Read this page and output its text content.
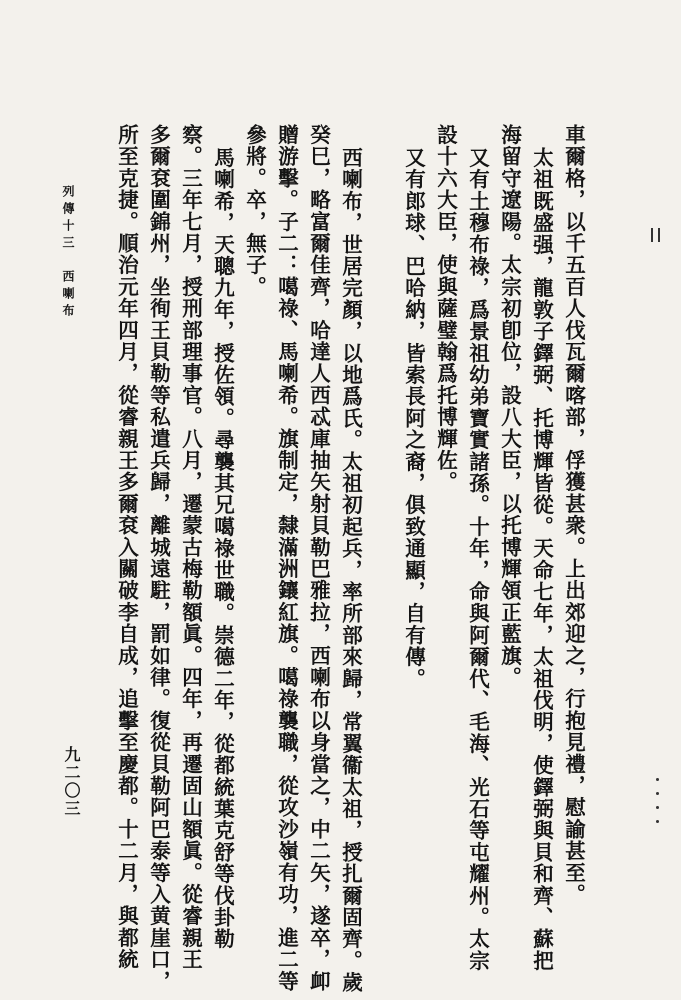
車爾格，以千五百人伐瓦爾喀部，俘獲甚衆。上出郊迎之，行抱見禮，慰諭甚至。
太祖既盛强，龍敦子鐸弼、托博輝皆從。天命七年，太祖伐明，使鐸弼與貝和齊、蘇把
海留守遼陽。太宗初卽位，設八大臣，以托博輝領正藍旗。
又有土穆布祿，爲景祖幼弟寶實諸孫。十年，命與阿爾代、毛海、光石等屯耀州。太宗
設十六大臣，使與薩璧翰爲托博輝佐。
又有郎球、巴哈納，皆索長阿之裔，俱致通顯，自有傳。
西喇布，世居完顏，以地爲氏。太祖初起兵，率所部來歸，常翼衞太祖，授扎爾固齊。歲
癸巳，略富爾佳齊，哈達人西忒庫抽矢射貝勒巴雅拉，西喇布以身當之，中二矢，遂卒，卹
贈游擊。子二：噶祿、馬喇希。旗制定，隸滿洲鑲紅旗。噶祿襲職，從攻沙嶺有功，進二等
參將。卒，無子。
馬喇希，天聰九年，授佐領。尋襲其兄噶祿世職。崇德二年，從都統葉克舒等伐卦勒
察。三年七月，授刑部理事官。八月，遷蒙古梅勒額眞。四年，再遷固山額眞。從睿親王
多爾袞圍錦州，坐徇王貝勒等私遣兵歸，離城遠駐，罰如律。復從貝勒阿巴泰等入黄崖口，
所至克捷。順治元年四月，從睿親王多爾袞入關破李自成，追擊至慶都。十二月，與都統
列傳十三　西喇布
九二〇三
